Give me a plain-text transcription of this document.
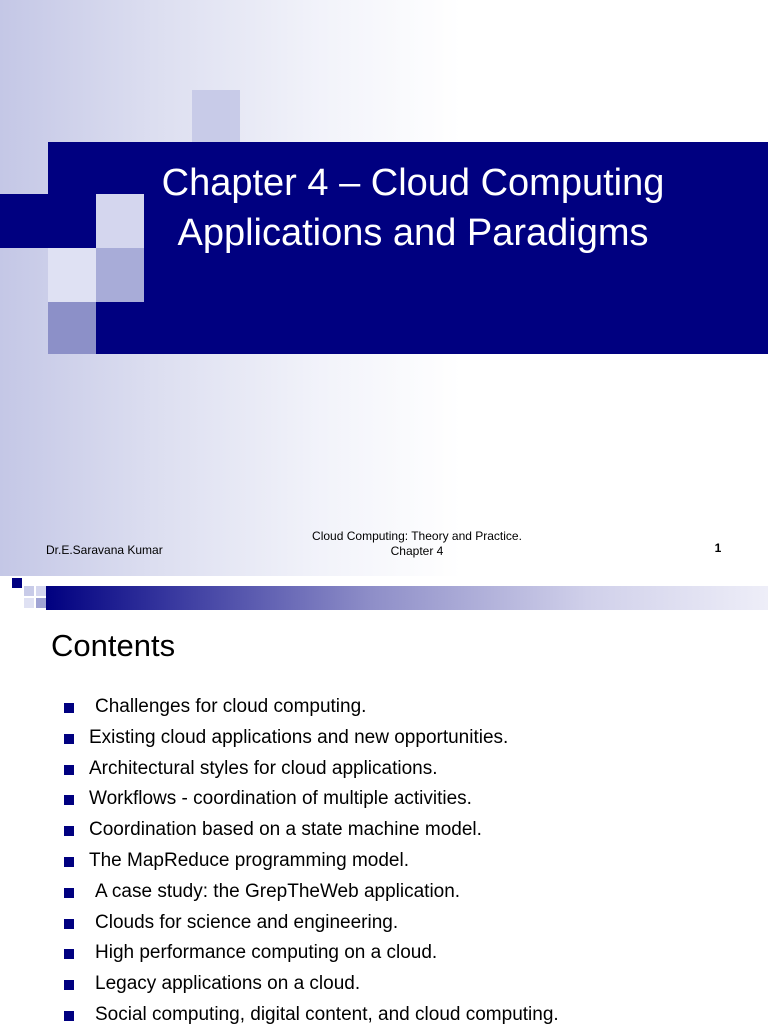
Chapter 4 – Cloud Computing
Applications and Paradigms
Dr.E.Saravana Kumar
Cloud Computing: Theory and Practice.
Chapter 4	1
Contents
Challenges for cloud computing.
Existing cloud applications and new opportunities.
Architectural styles for cloud applications.
Workflows - coordination of multiple activities.
Coordination based on a state machine model.
The MapReduce programming model.
A case study: the GrepTheWeb application.
Clouds for science and engineering.
High performance computing on a cloud.
Legacy applications on a cloud.
Social computing, digital content, and cloud computing.
